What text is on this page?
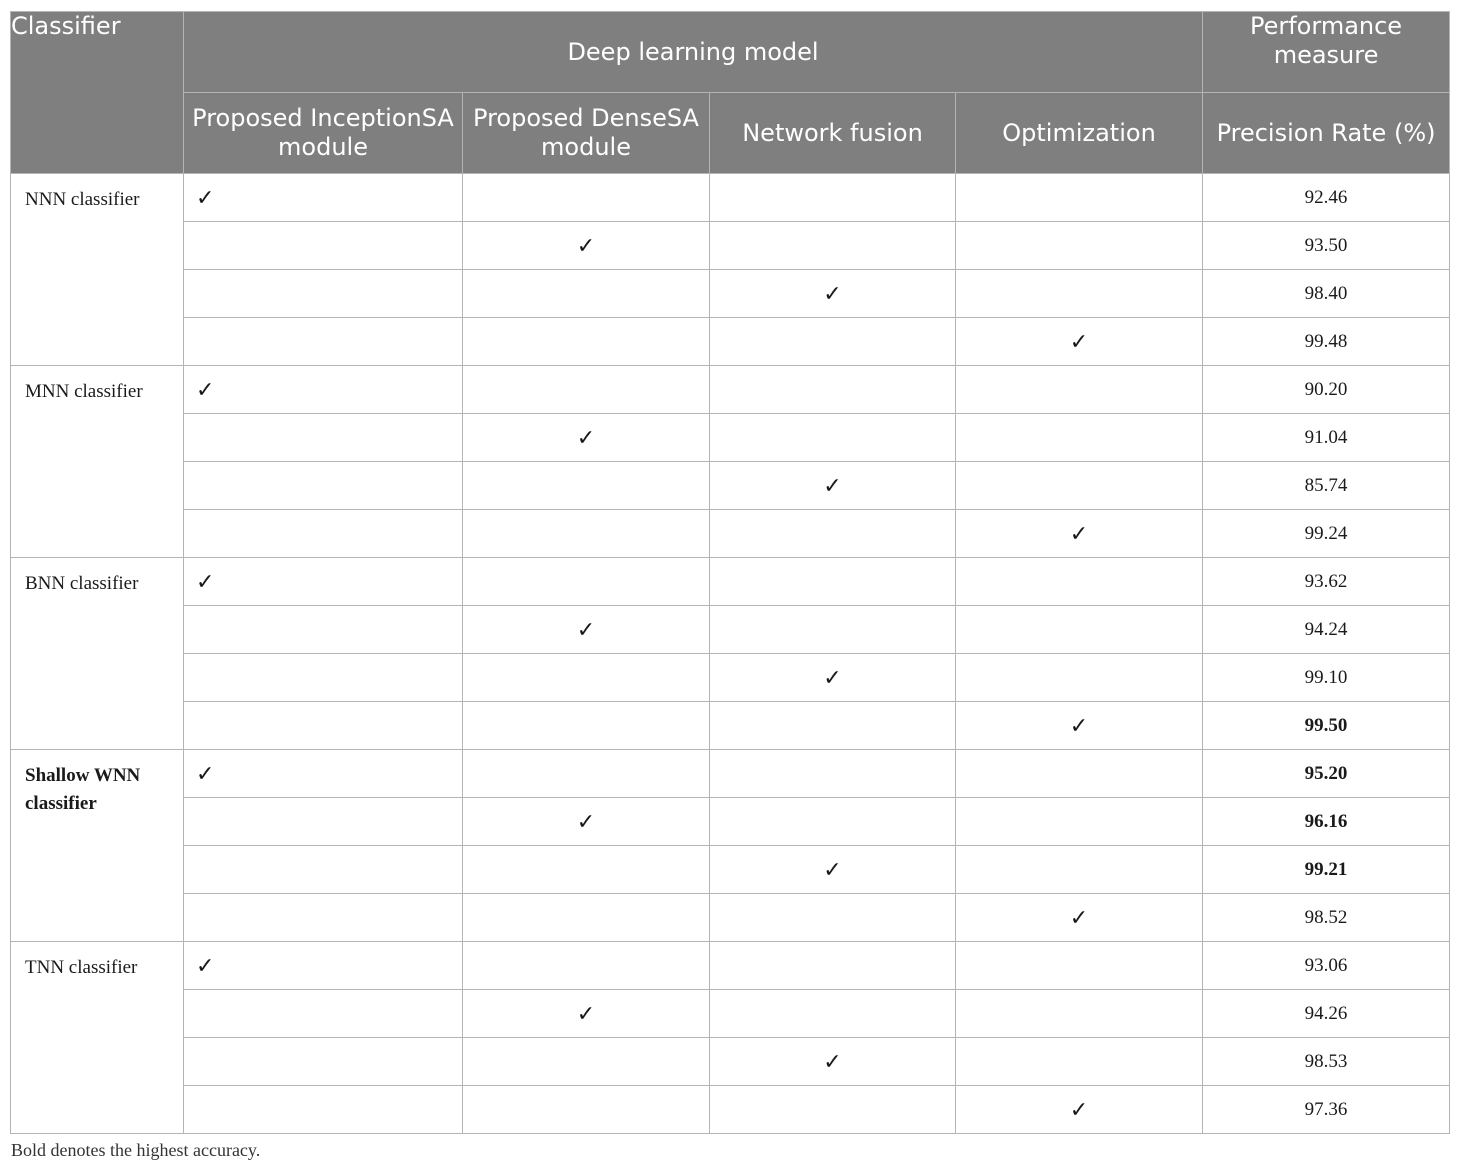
Classifier	Deep learning model				Performance measure
	Proposed InceptionSA module	Proposed DenseSA module	Network fusion	Optimization	Precision Rate (%)
NNN classifier	✓				92.46
		✓			93.50
			✓		98.40
				✓	99.48
MNN classifier	✓				90.20
		✓			91.04
			✓		85.74
				✓	99.24
BNN classifier	✓				93.62
		✓			94.24
			✓		99.10
				✓	99.50
Shallow WNN classifier	✓				95.20
		✓			96.16
			✓		99.21
				✓	98.52
TNN classifier	✓				93.06
		✓			94.26
			✓		98.53
				✓	97.36
Bold denotes the highest accuracy.
